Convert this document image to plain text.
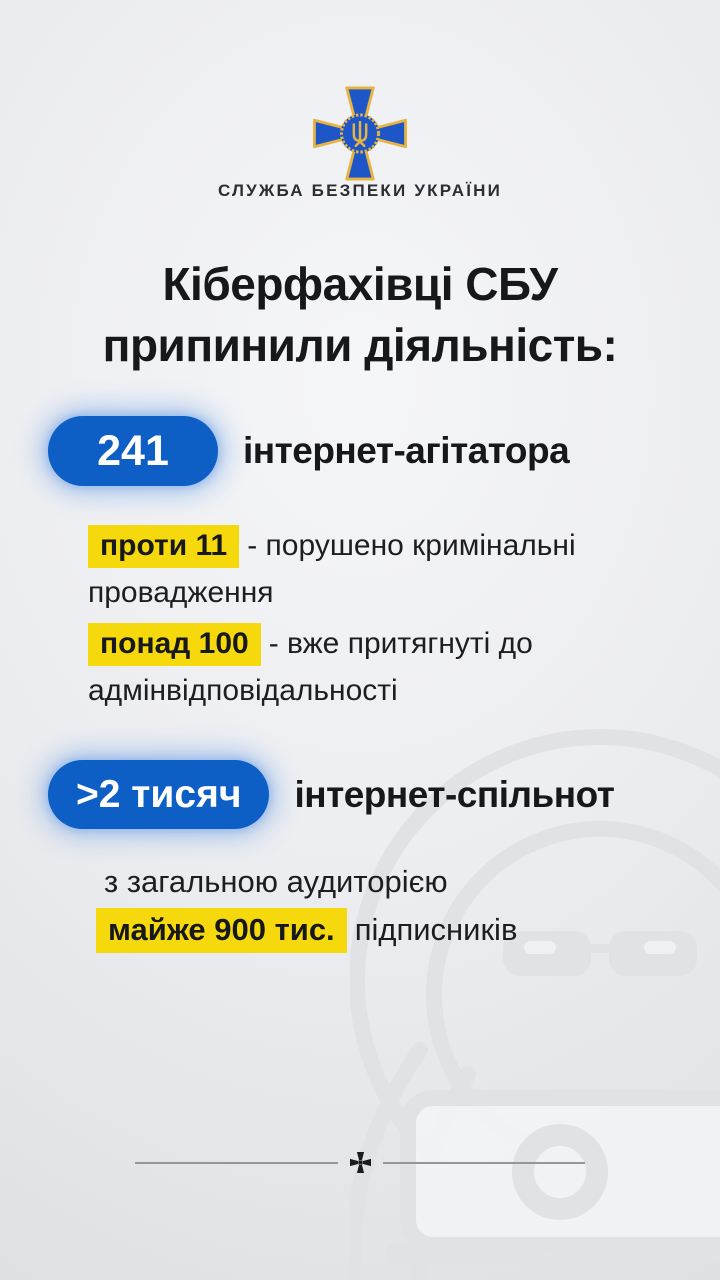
СЛУЖБА БЕЗПЕКИ УКРАЇНИ
Кіберфахівці СБУ
припинили діяльність:
241	інтернет-агітатора

проти 11 - порушено кримінальні провадження

понад 100 - вже притягнуті до адмінвідповідальності

>2 тисяч	інтернет-спільнот

з загальною аудиторією
майже 900 тис. підписників
